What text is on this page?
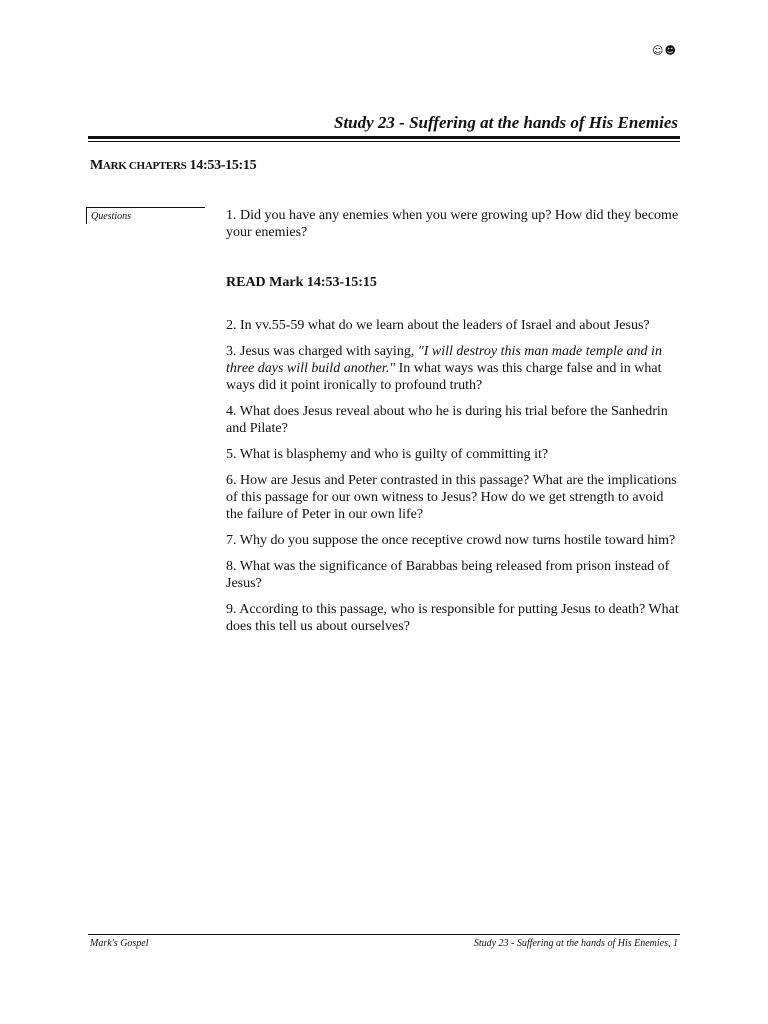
☺☻
Study 23 - Suffering at the hands of His Enemies
MARK CHAPTERS 14:53-15:15
Questions	1. Did you have any enemies when you were growing up? How did they become your enemies?

READ Mark 14:53-15:15

2. In vv.55-59 what do we learn about the leaders of Israel and about Jesus?

3. Jesus was charged with saying, "I will destroy this man made temple and in three days will build another." In what ways was this charge false and in what ways did it point ironically to profound truth?

4. What does Jesus reveal about who he is during his trial before the Sanhedrin and Pilate?

5. What is blasphemy and who is guilty of committing it?

6. How are Jesus and Peter contrasted in this passage? What are the implications of this passage for our own witness to Jesus? How do we get strength to avoid the failure of Peter in our own life?

7. Why do you suppose the once receptive crowd now turns hostile toward him?

8. What was the significance of Barabbas being released from prison instead of Jesus?

9. According to this passage, who is responsible for putting Jesus to death? What does this tell us about ourselves?

Mark's Gospel	Study 23 - Suffering at the hands of His Enemies, 1
